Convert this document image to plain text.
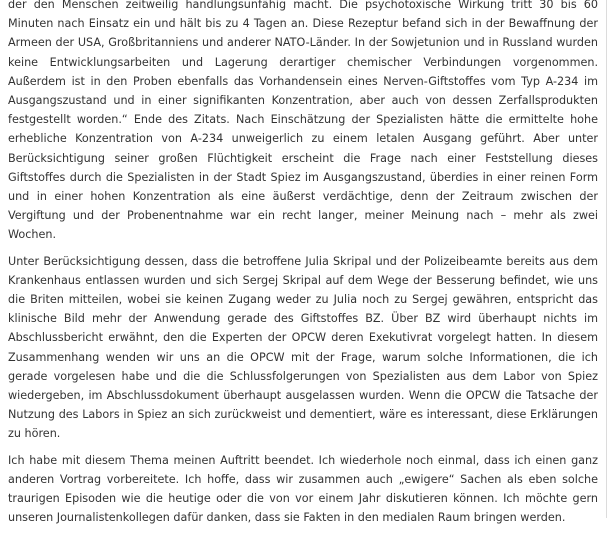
der den Menschen zeitweilig handlungsunfähig macht. Die psychotoxische Wirkung tritt 30 bis 60 Minuten nach Einsatz ein und hält bis zu 4 Tagen an. Diese Rezeptur befand sich in der Bewaffnung der Armeen der USA, Großbritanniens und anderer NATO-Länder. In der Sowjetunion und in Russland wurden keine Entwicklungsarbeiten und Lagerung derartiger chemischer Verbindungen vorgenommen. Außerdem ist in den Proben ebenfalls das Vorhandensein eines Nerven-Giftstoffes vom Typ A-234 im Ausgangszustand und in einer signifikanten Konzentration, aber auch von dessen Zerfallsprodukten festgestellt worden.“ Ende des Zitats. Nach Einschätzung der Spezialisten hätte die ermittelte hohe erhebliche Konzentration von A-234 unweigerlich zu einem letalen Ausgang geführt. Aber unter Berücksichtigung seiner großen Flüchtigkeit erscheint die Frage nach einer Feststellung dieses Giftstoffes durch die Spezialisten in der Stadt Spiez im Ausgangszustand, überdies in einer reinen Form und in einer hohen Konzentration als eine äußerst verdächtige, denn der Zeitraum zwischen der Vergiftung und der Probenentnahme war ein recht langer, meiner Meinung nach – mehr als zwei Wochen.

Unter Berücksichtigung dessen, dass die betroffene Julia Skripal und der Polizeibeamte bereits aus dem Krankenhaus entlassen wurden und sich Sergej Skripal auf dem Wege der Besserung befindet, wie uns die Briten mitteilen, wobei sie keinen Zugang weder zu Julia noch zu Sergej gewähren, entspricht das klinische Bild mehr der Anwendung gerade des Giftstoffes BZ. Über BZ wird überhaupt nichts im Abschlussbericht erwähnt, den die Experten der OPCW deren Exekutivrat vorgelegt hatten. In diesem Zusammenhang wenden wir uns an die OPCW mit der Frage, warum solche Informationen, die ich gerade vorgelesen habe und die die Schlussfolgerungen von Spezialisten aus dem Labor von Spiez wiedergeben, im Abschlussdokument überhaupt ausgelassen wurden. Wenn die OPCW die Tatsache der Nutzung des Labors in Spiez an sich zurückweist und dementiert, wäre es interessant, diese Erklärungen zu hören.

Ich habe mit diesem Thema meinen Auftritt beendet. Ich wiederhole noch einmal, dass ich einen ganz anderen Vortrag vorbereitete. Ich hoffe, dass wir zusammen auch „ewigere“ Sachen als eben solche traurigen Episoden wie die heutige oder die von vor einem Jahr diskutieren können. Ich möchte gern unseren Journalistenkollegen dafür danken, dass sie Fakten in den medialen Raum bringen werden.
